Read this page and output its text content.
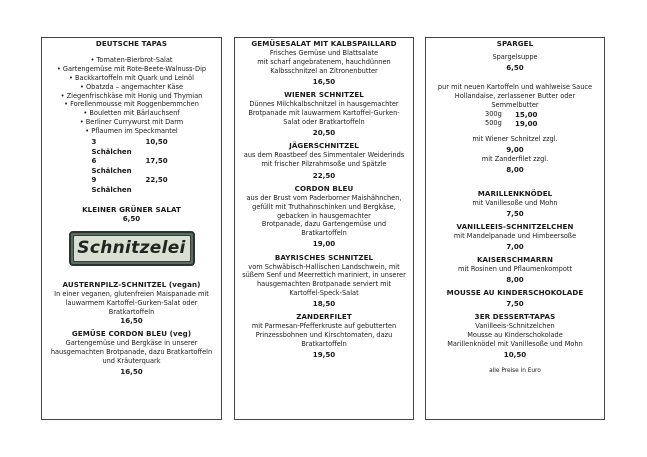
DEUTSCHE TAPAS
• Tomaten-Bierbrot-Salat
• Gartengemüse mit Rote-Beete-Walnuss-Dip
• Backkartoffeln mit Quark und Leinöl
• Obatzda – angemachter Käse
• Ziegenfrischkäse mit Honig und Thymian
• Forellenmousse mit Roggenbemmchen
• Bouletten mit Bärlauchsenf
• Berliner Currywurst mit Darm
• Pflaumen im Speckmantel
3 Schälchen
10,50
6 Schälchen
17,50
9 Schälchen
22,50
KLEINER GRÜNER SALAT
6,50
Schnitzelei
AUSTERNPILZ-SCHNITZEL (vegan)
In einer veganen, glutenfreien Maispanade mit
lauwarmem Kartoffel-Gurken-Salat oder
Bratkartoffeln
16,50
GEMÜSE CORDON BLEU (veg)
Gartengemüse und Bergkäse in unserer
hausgemachten Brotpanade, dazu Bratkartoffeln
und Kräuterquark
16,50
GEMÜSESALAT MIT KALBSPAILLARD
Frisches Gemüse und Blattsalate
mit scharf angebratenem, hauchdünnen
Kalbsschnitzel an Zitronenbutter
16,50
WIENER SCHNITZEL
Dünnes Milchkalbschnitzel in hausgemachter
Brotpanade mit lauwarmem Kartoffel-Gurken-
Salat oder Bratkartoffeln
20,50
JÄGERSCHNITZEL
aus dem Roastbeef des Simmentaler Weiderinds
mit frischer Pilzrahmsoße und Spätzle
22,50
CORDON BLEU
aus der Brust vom Paderborner Maishähnchen,
gefüllt mit Truthahnschinken und Bergkäse,
gebacken in hausgemachter
Brotpanade, dazu Gartengemüse und
Bratkartoffeln
19,00
BAYRISCHES SCHNITZEL
vom Schwäbisch-Hallischen Landschwein, mit
süßem Senf und Meerrettich mariniert, in unserer
hausgemachten Brotpanade serviert mit
Kartoffel-Speck-Salat
18,50
ZANDERFILET
mit Parmesan-Pfefferkruste auf gebutterten
Prinzessbohnen und Kirschtomaten, dazu
Bratkartoffeln
19,50
SPARGEL
Spargelsuppe
6,50
pur mit neuen Kartoffeln und wahlweise Sauce
Hollandaise, zerlassener Butter oder
Semmelbutter
300g	15,00
500g	19,00
mit Wiener Schnitzel zzgl.
9,00
mit Zanderfilet zzgl.
8,00
MARILLENKNÖDEL
mit Vanillesoße und Mohn
7,50
VANILLEEIS-SCHNITZELCHEN
mit Mandelpanade und Himbeersoße
7,00
KAISERSCHMARRN
mit Rosinen und Pflaumenkompott
8,00
MOUSSE AU KINDERSCHOKOLADE
7,50
3ER DESSERT-TAPAS
Vanilleeis-Schnitzelchen
Mousse au Kinderschokolade
Marillenknödel mit Vanillesoße und Mohn
10,50
alle Preise in Euro
